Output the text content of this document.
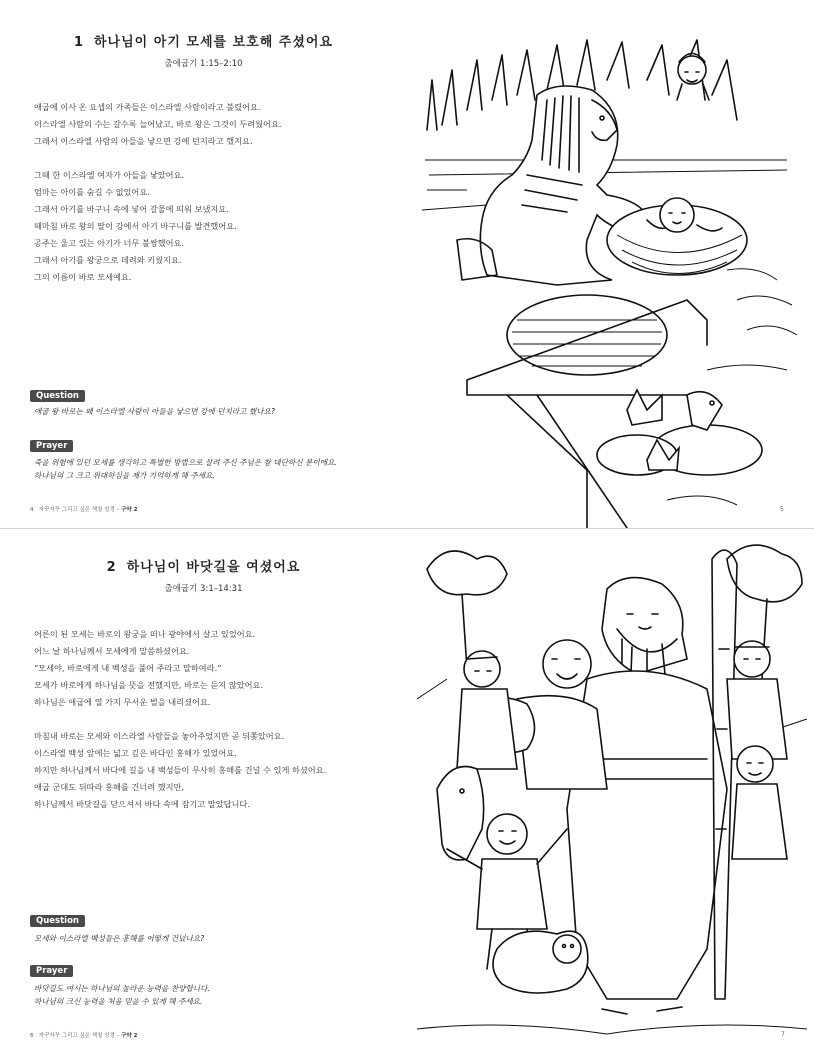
1 하나님이 아기 모세를 보호해 주셨어요
출애굽기 1:15–2:10

애굽에 이사 온 요셉의 가족들은 이스라엘 사람이라고 불렸어요.

이스라엘 사람의 수는 갈수록 늘어났고, 바로 왕은 그것이 두려웠어요.

그래서 이스라엘 사람의 아들을 낳으면 강에 던지라고 했지요.

그때 한 이스라엘 여자가 아들을 낳았어요.

엄마는 아이를 숨길 수 없었어요.

그래서 아기를 바구니 속에 넣어 갈물에 띄워 보냈지요.

때마침 바로 왕의 딸이 강에서 아기 바구니를 발견했어요.

공주는 울고 있는 아기가 너무 불쌍했어요.

그래서 아기를 왕궁으로 데려와 키웠지요.

그의 이름이 바로 모세예요.

Question
애굽 왕 바로는 왜 이스라엘 사람이 아들을 낳으면 강에 던지라고 했나요?
Prayer
죽을 위험에 있던 모세를 생각하고 특별한 방법으로 살려 주신 주님은 참 대단하신 분이에요.
하나님의 그 크고 위대하심을 제가 기억하게 해 주세요.
4 자꾸자꾸 그리고 싶은 색칠 성경 – 구약 2	5
2 하나님이 바닷길을 여셨어요
출애굽기 3:1–14:31

어른이 된 모세는 바로의 왕궁을 떠나 광야에서 살고 있었어요.

어느 날 하나님께서 모세에게 말씀하셨어요.

“모세야, 바로에게 내 백성을 풀어 주라고 말하여라.”

모세가 바로에게 하나님을 뜻을 전했지만, 바로는 듣지 않았어요.

하나님은 애굽에 열 가지 무서운 벌을 내리셨어요.

마침내 바로는 모세와 이스라엘 사람들을 놓아주었지만 곧 뒤쫓았어요.

이스라엘 백성 앞에는 넓고 깊은 바다인 홍해가 있었어요.

하지만 하나님께서 바다에 길을 내 백성들이 무사히 홍해를 건널 수 있게 하셨어요.

애굽 군대도 뒤따라 홍해를 건너려 했지만,

하나님께서 바닷길을 닫으셔서 바다 속에 잠기고 말았답니다.

Question
모세와 이스라엘 백성들은 홍해를 어떻게 건넜나요?
Prayer
바닷길도 여시는 하나님의 놀라운 능력을 찬양합니다.
하나님의 크신 능력을 처음 믿을 수 있게 해 주세요.
6 자꾸자꾸 그리고 싶은 색칠 성경 – 구약 2	7
